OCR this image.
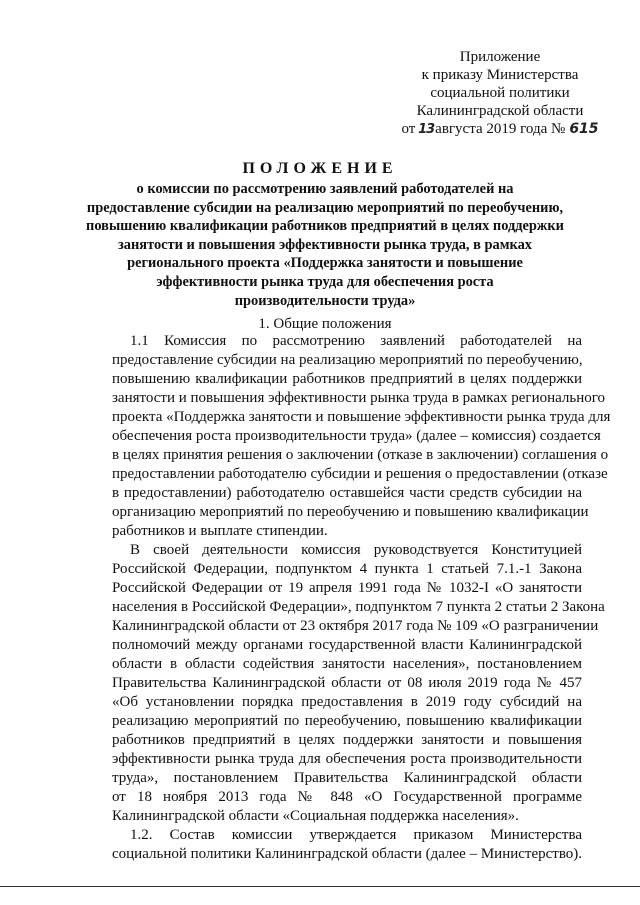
Приложение
к приказу Министерства
социальной политики
Калининградской области
от 13августа 2019 года № 615
ПОЛОЖЕНИЕ
о комиссии по рассмотрению заявлений работодателей на
предоставление субсидии на реализацию мероприятий по переобучению,
повышению квалификации работников предприятий в целях поддержки
занятости и повышения эффективности рынка труда, в рамках
регионального проекта «Поддержка занятости и повышение
эффективности рынка труда для обеспечения роста
производительности труда»
1. Общие положения
1.1 Комиссия по рассмотрению заявлений работодателей на
предоставление субсидии на реализацию мероприятий по переобучению,
повышению квалификации работников предприятий в целях поддержки
занятости и повышения эффективности рынка труда в рамках регионального
проекта «Поддержка занятости и повышение эффективности рынка труда для
обеспечения роста производительности труда» (далее – комиссия) создается
в целях принятия решения о заключении (отказе в заключении) соглашения о
предоставлении работодателю субсидии и решения о предоставлении (отказе
в предоставлении) работодателю оставшейся части средств субсидии на
организацию мероприятий по переобучению и повышению квалификации
работников и выплате стипендии.
В своей деятельности комиссия руководствуется Конституцией
Российской Федерации, подпунктом 4 пункта 1 статьей 7.1.-1 Закона
Российской Федерации от 19 апреля 1991 года № 1032-I «О занятости
населения в Российской Федерации», подпунктом 7 пункта 2 статьи 2 Закона
Калининградской области от 23 октября 2017 года № 109 «О разграничении
полномочий между органами государственной власти Калининградской
области в области содействия занятости населения», постановлением
Правительства Калининградской области от 08 июля 2019 года № 457
«Об установлении порядка предоставления в 2019 году субсидий на
реализацию мероприятий по переобучению, повышению квалификации
работников предприятий в целях поддержки занятости и повышения
эффективности рынка труда для обеспечения роста производительности
труда», постановлением Правительства Калининградской области
от 18 ноября 2013 года № 848 «О Государственной программе
Калининградской области «Социальная поддержка населения».
1.2. Состав комиссии утверждается приказом Министерства
социальной политики Калининградской области (далее – Министерство).
